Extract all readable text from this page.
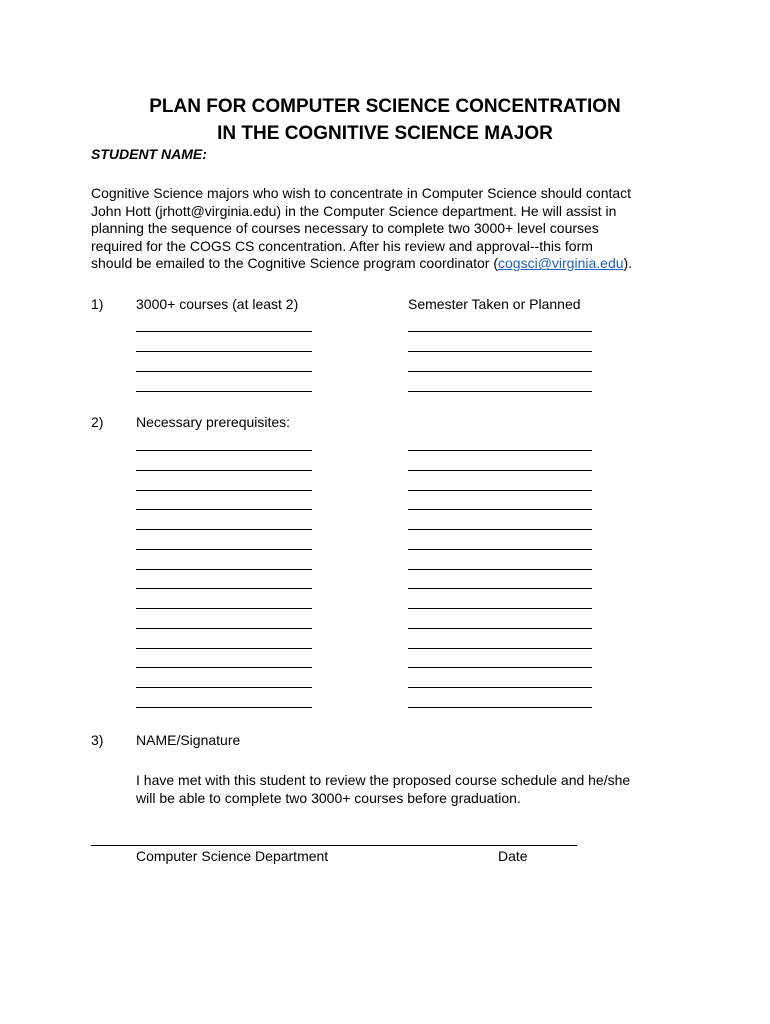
PLAN FOR COMPUTER SCIENCE CONCENTRATION
IN THE COGNITIVE SCIENCE MAJOR
STUDENT NAME:
Cognitive Science majors who wish to concentrate in Computer Science should contact
John Hott (jrhott@virginia.edu) in the Computer Science department. He will assist in
planning the sequence of courses necessary to complete two 3000+ level courses
required for the COGS CS concentration. After his review and approval--this form
should be emailed to the Cognitive Science program coordinator (cogsci@virginia.edu).
1) 3000+ courses (at least 2)	Semester Taken or Planned
2) Necessary prerequisites:
3) NAME/Signature
I have met with this student to review the proposed course schedule and he/she
will be able to complete two 3000+ courses before graduation.
Computer Science Department	Date
